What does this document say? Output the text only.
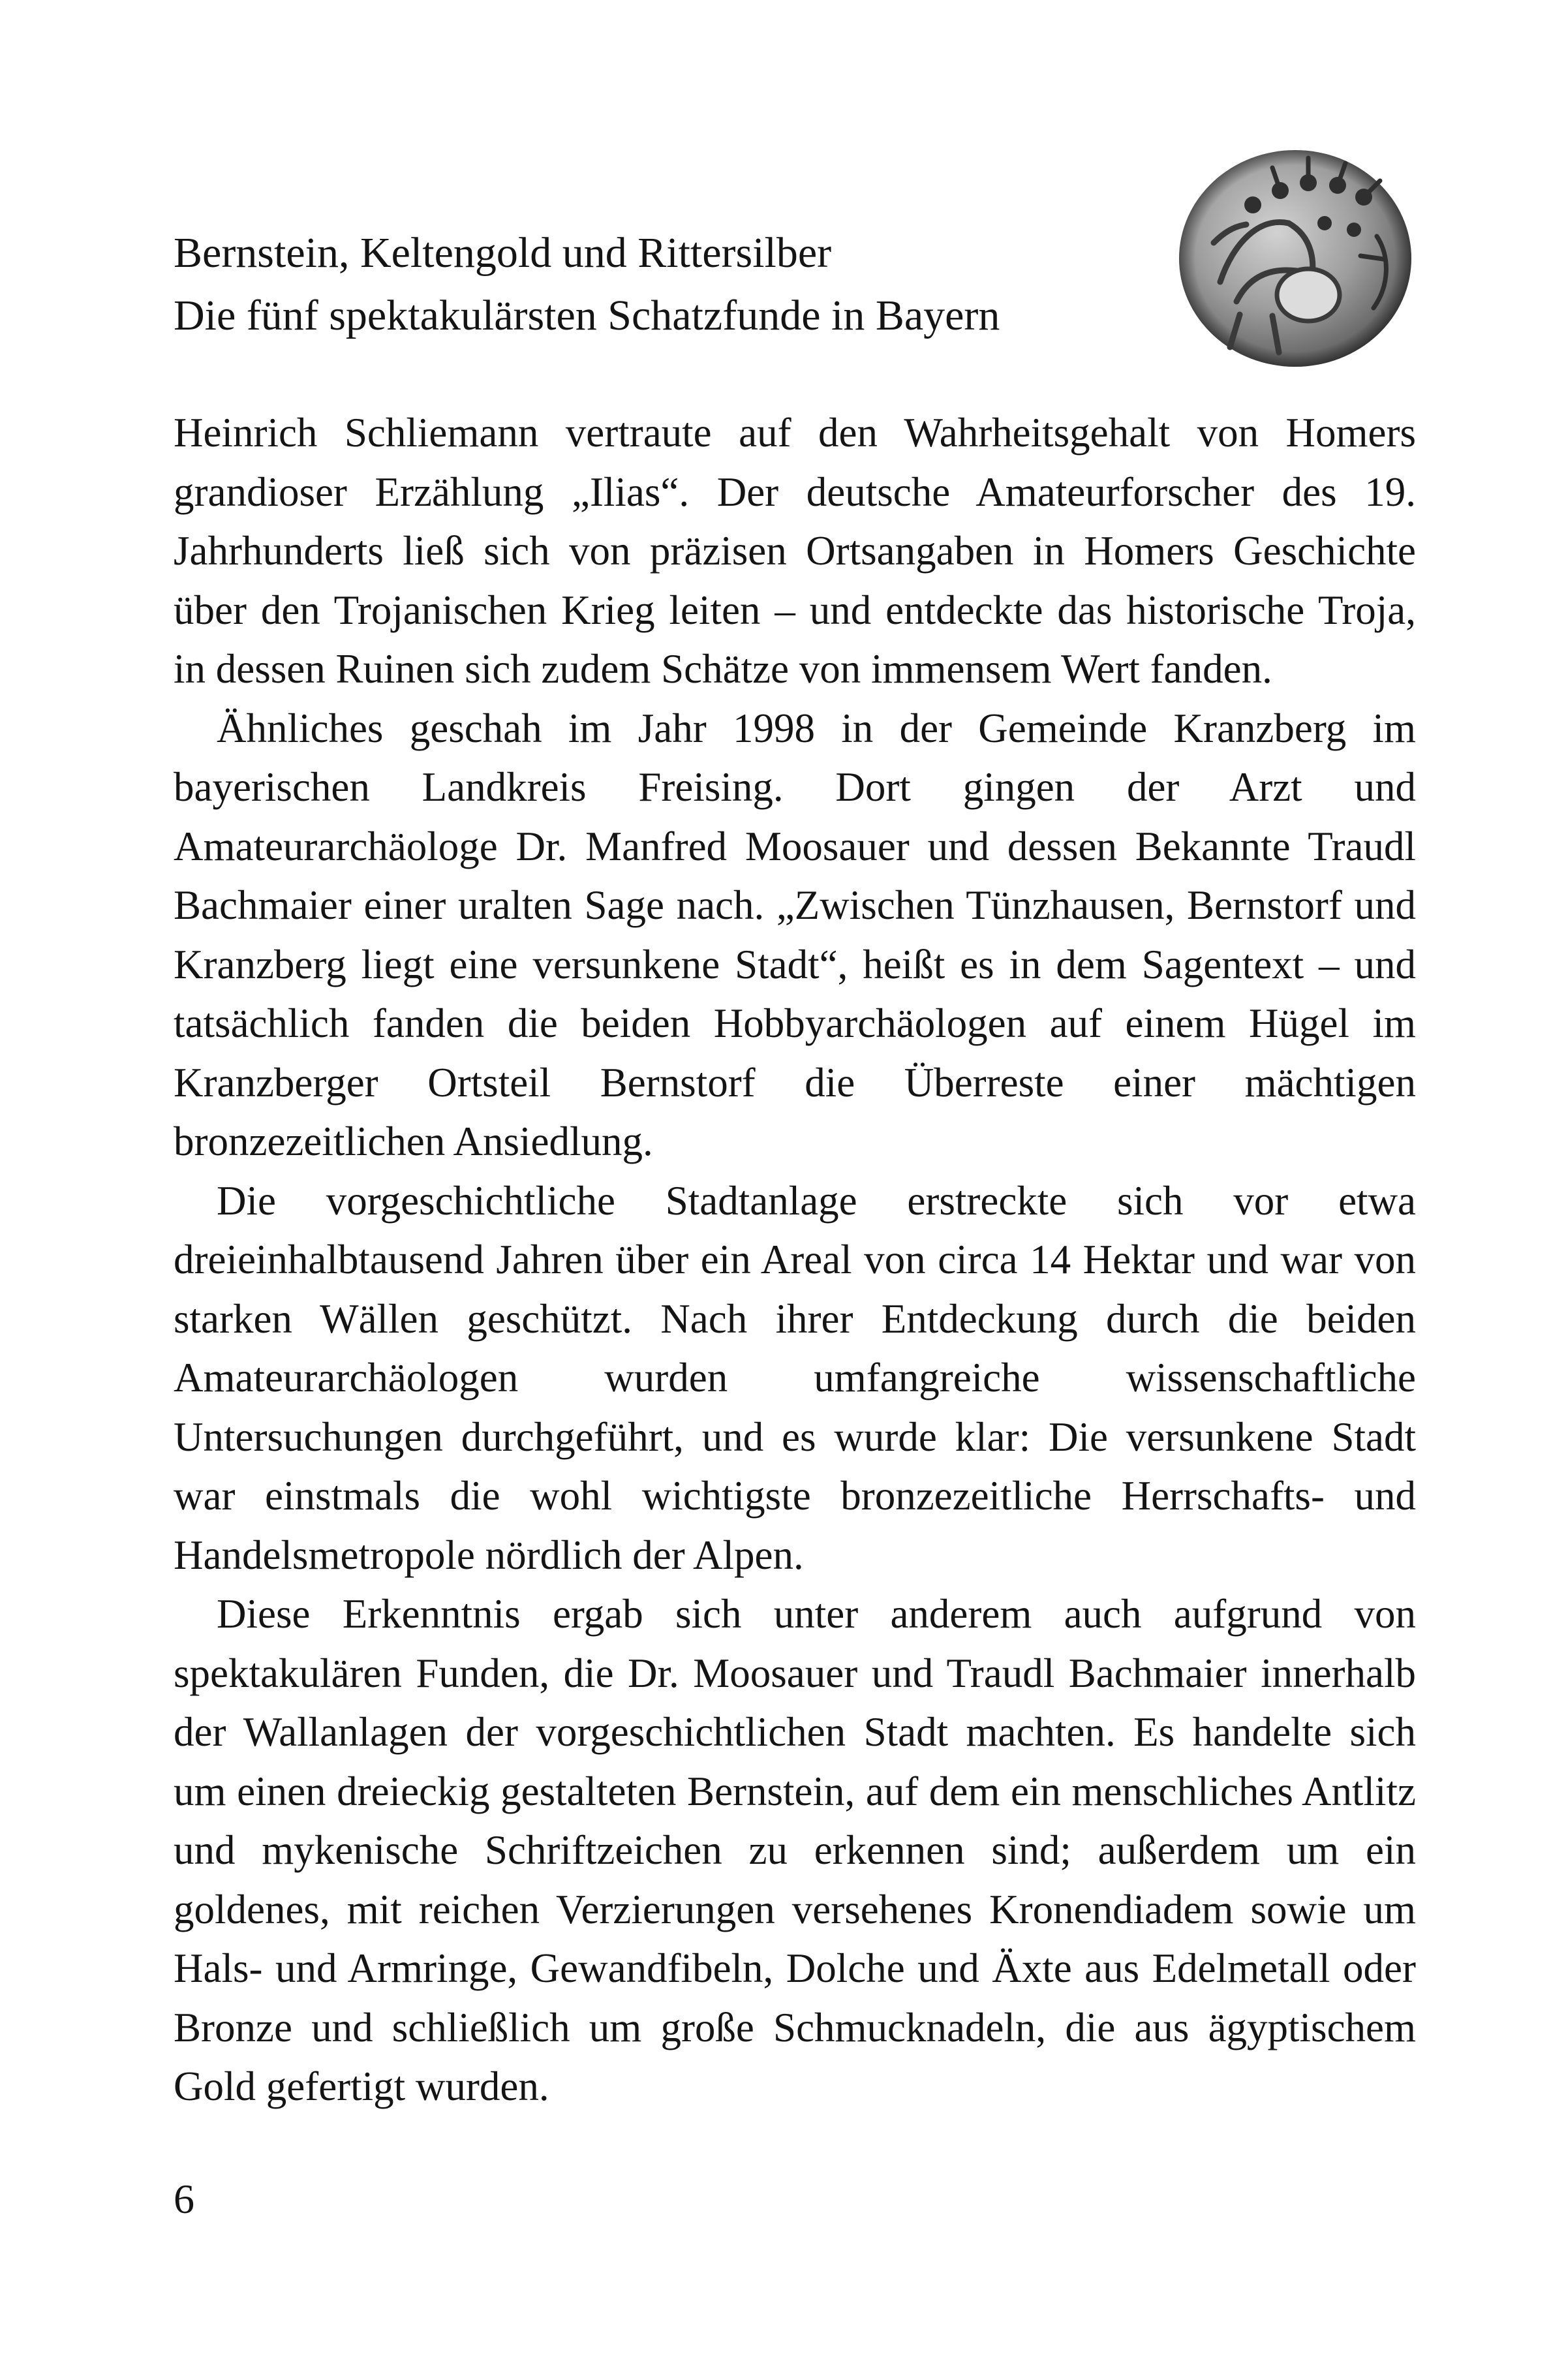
Bernstein, Keltengold und Rittersilber
Die fünf spektakulärsten Schatzfunde in Bayern

Heinrich Schliemann vertraute auf den Wahrheitsgehalt von Homers grandioser Erzählung „Ilias“. Der deutsche Amateurforscher des 19. Jahrhunderts ließ sich von präzisen Ortsangaben in Homers Geschichte über den Trojanischen Krieg leiten – und entdeckte das historische Troja, in dessen Ruinen sich zudem Schätze von immensem Wert fanden.

Ähnliches geschah im Jahr 1998 in der Gemeinde Kranzberg im bayerischen Landkreis Freising. Dort gingen der Arzt und Amateurarchäologe Dr. Manfred Moosauer und dessen Bekannte Traudl Bachmaier einer uralten Sage nach. „Zwischen Tünzhausen, Bernstorf und Kranzberg liegt eine versunkene Stadt“, heißt es in dem Sagentext – und tatsächlich fanden die beiden Hobbyarchäologen auf einem Hügel im Kranzberger Ortsteil Bernstorf die Überreste einer mächtigen bronzezeitlichen Ansiedlung.

Die vorgeschichtliche Stadtanlage erstreckte sich vor etwa dreieinhalbtausend Jahren über ein Areal von circa 14 Hektar und war von starken Wällen geschützt. Nach ihrer Entdeckung durch die beiden Amateurarchäologen wurden umfangreiche wissenschaftliche Untersuchungen durchgeführt, und es wurde klar: Die versunkene Stadt war einstmals die wohl wichtigste bronzezeitliche Herrschafts- und Handelsmetropole nördlich der Alpen.

Diese Erkenntnis ergab sich unter anderem auch aufgrund von spektakulären Funden, die Dr. Moosauer und Traudl Bachmaier innerhalb der Wallanlagen der vorgeschichtlichen Stadt machten. Es handelte sich um einen dreieckig gestalteten Bernstein, auf dem ein menschliches Antlitz und mykenische Schriftzeichen zu erkennen sind; außerdem um ein goldenes, mit reichen Verzierungen versehenes Kronendiadem sowie um Hals- und Armringe, Gewandfibeln, Dolche und Äxte aus Edelmetall oder Bronze und schließlich um große Schmucknadeln, die aus ägyptischem Gold gefertigt wurden.

6
